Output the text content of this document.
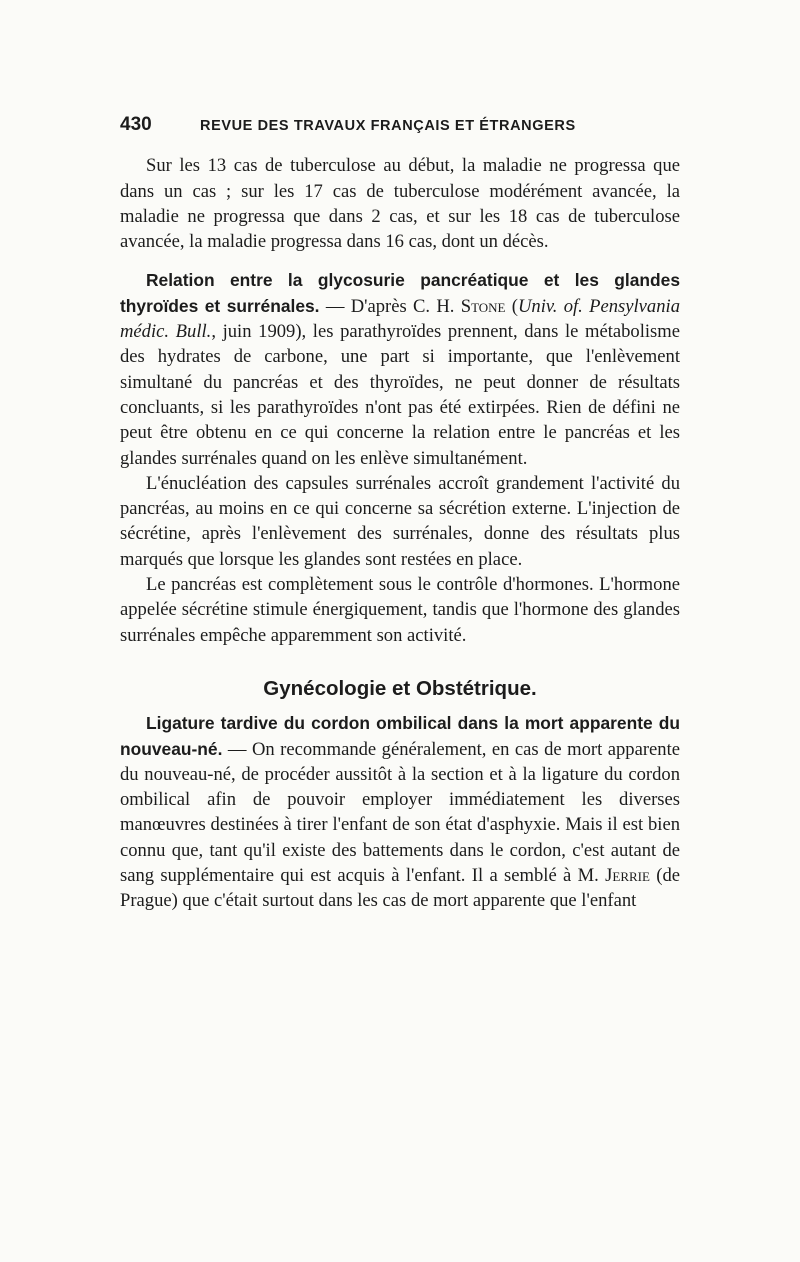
430	REVUE DES TRAVAUX FRANÇAIS ET ÉTRANGERS

Sur les 13 cas de tuberculose au début, la maladie ne progressa que dans un cas ; sur les 17 cas de tuberculose modérément avancée, la maladie ne progressa que dans 2 cas, et sur les 18 cas de tuberculose avancée, la maladie progressa dans 16 cas, dont un décès.

Relation entre la glycosurie pancréatique et les glandes thyroïdes et surrénales. — D'après C. H. Stone (Univ. of. Pensylvania médic. Bull., juin 1909), les parathyroïdes prennent, dans le métabolisme des hydrates de carbone, une part si importante, que l'enlèvement simultané du pancréas et des thyroïdes, ne peut donner de résultats concluants, si les parathyroïdes n'ont pas été extirpées. Rien de défini ne peut être obtenu en ce qui concerne la relation entre le pancréas et les glandes surrénales quand on les enlève simultanément.

L'énucléation des capsules surrénales accroît grandement l'activité du pancréas, au moins en ce qui concerne sa sécrétion externe. L'injection de sécrétine, après l'enlèvement des surrénales, donne des résultats plus marqués que lorsque les glandes sont restées en place.

Le pancréas est complètement sous le contrôle d'hormones. L'hormone appelée sécrétine stimule énergiquement, tandis que l'hormone des glandes surrénales empêche apparemment son activité.

Gynécologie et Obstétrique.

Ligature tardive du cordon ombilical dans la mort apparente du nouveau-né. — On recommande généralement, en cas de mort apparente du nouveau-né, de procéder aussitôt à la section et à la ligature du cordon ombilical afin de pouvoir employer immédiatement les diverses manœuvres destinées à tirer l'enfant de son état d'asphyxie. Mais il est bien connu que, tant qu'il existe des battements dans le cordon, c'est autant de sang supplémentaire qui est acquis à l'enfant. Il a semblé à M. Jerrie (de Prague) que c'était surtout dans les cas de mort apparente que l'enfant
